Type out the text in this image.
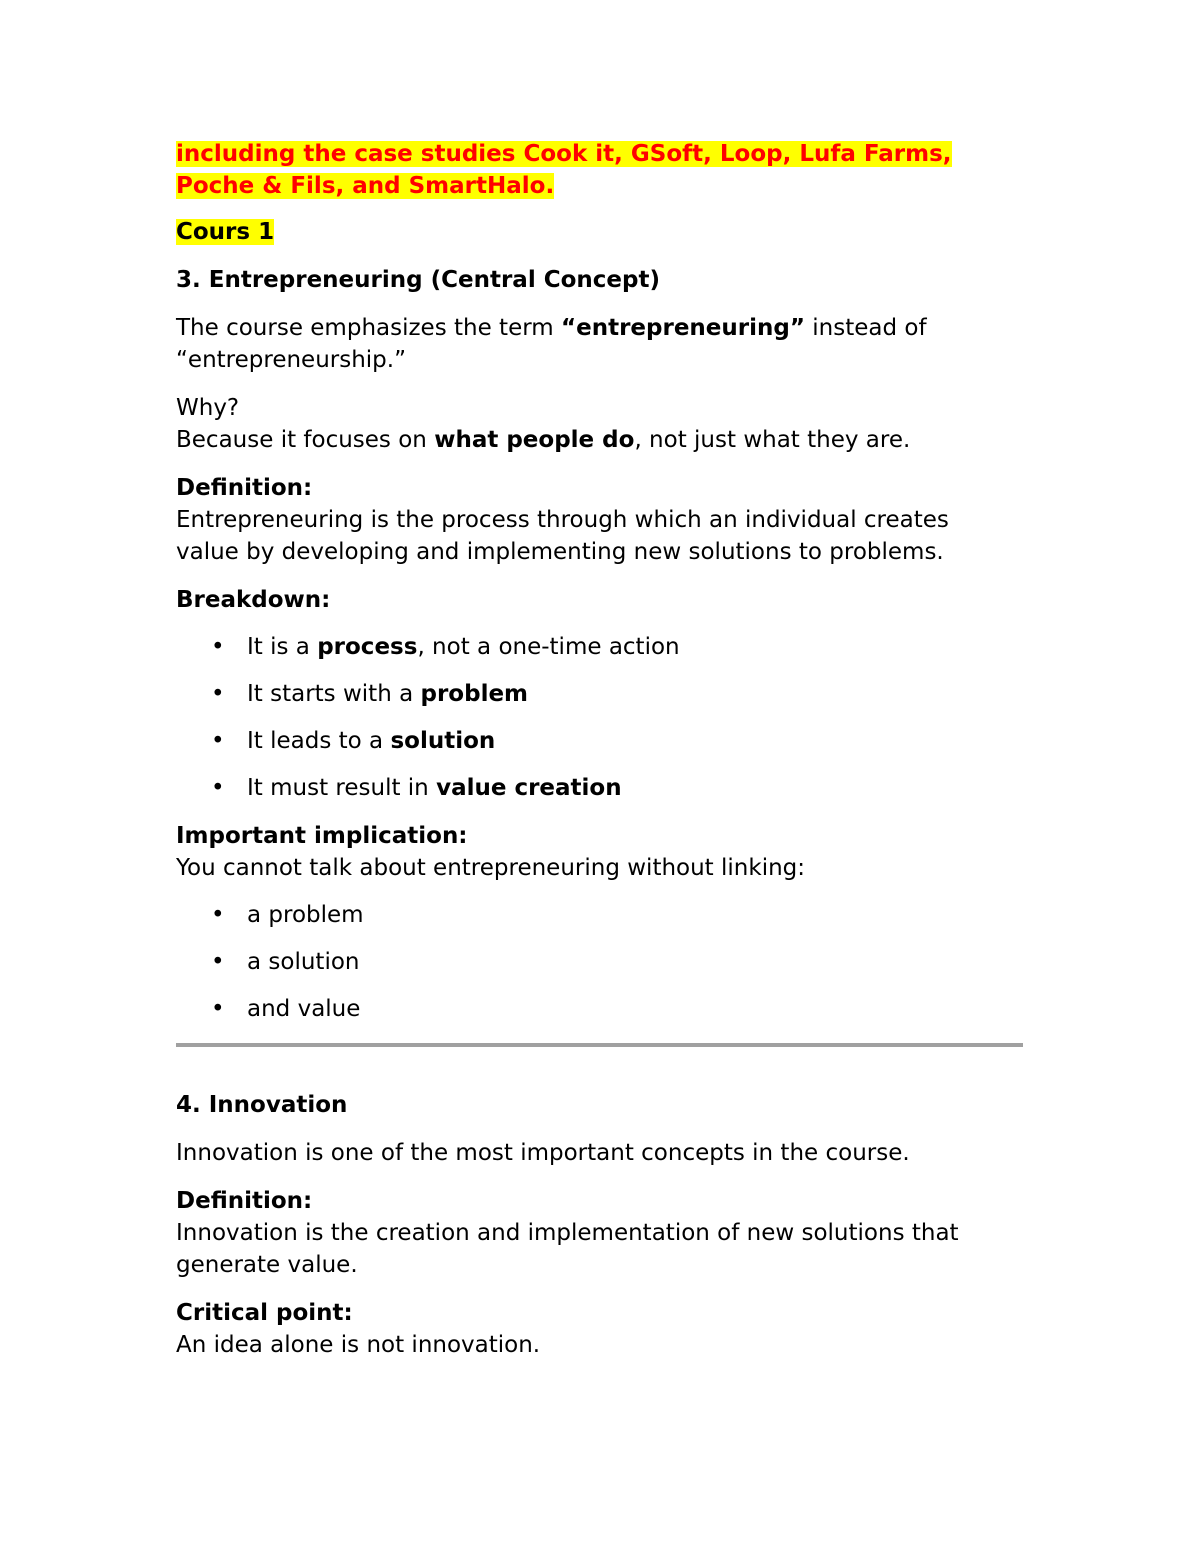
including the case studies Cook it, GSoft, Loop, Lufa Farms,
Poche & Fils, and SmartHalo.

Cours 1

3. Entrepreneuring (Central Concept)

The course emphasizes the term “entrepreneuring” instead of
“entrepreneurship.”

Why?
Because it focuses on what people do, not just what they are.

Definition:
Entrepreneuring is the process through which an individual creates
value by developing and implementing new solutions to problems.

Breakdown:

• It is a process, not a one-time action
• It starts with a problem
• It leads to a solution
• It must result in value creation

Important implication:
You cannot talk about entrepreneuring without linking:

• a problem
• a solution
• and value

4. Innovation

Innovation is one of the most important concepts in the course.

Definition:
Innovation is the creation and implementation of new solutions that
generate value.

Critical point:
An idea alone is not innovation.
